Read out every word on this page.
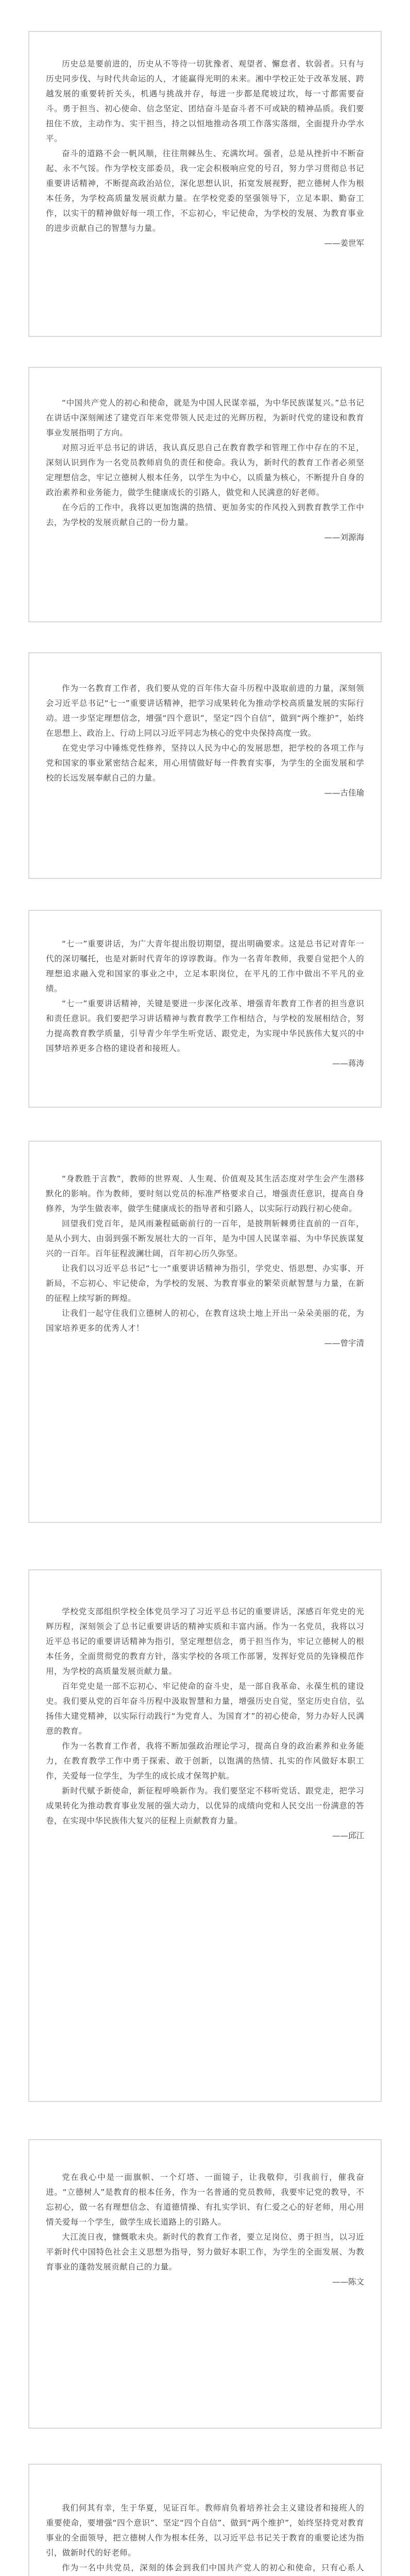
历史总是要前进的，历史从不等待一切犹豫者、观望者、懈怠者、软弱者。只有与历史同步伐、与时代共命运的人，才能赢得光明的未来。湘中学校正处于改革发展、跨越发展的重要转折关头，机遇与挑战并存，每进一步都是爬坡过坎，每一寸都需要奋斗。勇于担当、初心使命、信念坚定、团结奋斗是奋斗者不可或缺的精神品质。我们要扭住不放，主动作为、实干担当，持之以恒地推动各项工作落实落细，全面提升办学水平。

奋斗的道路不会一帆风顺，往往荆棘丛生、充满坎坷。强者，总是从挫折中不断奋起、永不气馁。作为学校支部委员，我一定会积极响应党的号召，努力学习贯彻总书记重要讲话精神，不断提高政治站位，深化思想认识，拓宽发展视野，把立德树人作为根本任务，为学校高质量发展贡献力量。在学校党委的坚强领导下，立足本职、勤奋工作，以实干的精神做好每一项工作，不忘初心，牢记使命，为学校的发展、为教育事业的进步贡献自己的智慧与力量。

——姜世军

“中国共产党人的初心和使命，就是为中国人民谋幸福，为中华民族谋复兴。”总书记在讲话中深刻阐述了建党百年来党带领人民走过的光辉历程，为新时代党的建设和教育事业发展指明了方向。

对照习近平总书记的讲话，我认真反思自己在教育教学和管理工作中存在的不足，深刻认识到作为一名党员教师肩负的责任和使命。我认为，新时代的教育工作者必须坚定理想信念，牢记立德树人根本任务，以学生为中心，以质量为核心，不断提升自身的政治素养和业务能力，做学生健康成长的引路人，做党和人民满意的好老师。

在今后的工作中，我将以更加饱满的热情、更加务实的作风投入到教育教学工作中去，为学校的发展贡献自己的一份力量。

——刘源海

作为一名教育工作者，我们要从党的百年伟大奋斗历程中汲取前进的力量，深刻领会习近平总书记“七一”重要讲话精神，把学习成果转化为推动学校高质量发展的实际行动。进一步坚定理想信念，增强“四个意识”，坚定“四个自信”，做到“两个维护”，始终在思想上、政治上、行动上同以习近平同志为核心的党中央保持高度一致。

在党史学习中锤炼党性修养，坚持以人民为中心的发展思想，把学校的各项工作与党和国家的事业紧密结合起来，用心用情做好每一件教育实事，为学生的全面发展和学校的长远发展奉献自己的力量。

——古佳瑜

“七一”重要讲话，为广大青年提出殷切期望，提出明确要求。这是总书记对青年一代的深切嘱托，也是对新时代青年的谆谆教诲。作为一名青年教师，我要自觉把个人的理想追求融入党和国家的事业之中，立足本职岗位，在平凡的工作中做出不平凡的业绩。

“七一”重要讲话精神，关键是要进一步深化改革、增强青年教育工作者的担当意识和责任意识。我们要把学习讲话精神与教育教学工作相结合，与学校的发展相结合，努力提高教育教学质量，引导青少年学生听党话、跟党走，为实现中华民族伟大复兴的中国梦培养更多合格的建设者和接班人。

——蒋涛

“身教胜于言教”，教师的世界观、人生观、价值观及其生活态度对学生会产生潜移默化的影响。作为教师，要时刻以党员的标准严格要求自己，增强责任意识，提高自身修养，为学生做表率，做学生健康成长的指导者和引路人，以实际行动践行初心使命。

回望我们党百年，是风雨兼程砥砺前行的一百年，是披荆斩棘勇往直前的一百年，是从小到大、由弱到强不断发展壮大的一百年，是为中国人民谋幸福、为中华民族谋复兴的一百年。百年征程波澜壮阔，百年初心历久弥坚。

让我们以习近平总书记“七一”重要讲话精神为指引，学党史、悟思想、办实事、开新局，不忘初心、牢记使命，为学校的发展、为教育事业的繁荣贡献智慧与力量，在新的征程上续写新的辉煌。

让我们一起守住我们立德树人的初心，在教育这块土地上开出一朵朵美丽的花，为国家培养更多的优秀人才！

——曾宇清

学校党支部组织学校全体党员学习了习近平总书记的重要讲话，深感百年党史的光辉历程，深刻领会了总书记重要讲话的精神实质和丰富内涵。作为一名党员，我将以习近平总书记的重要讲话精神为指引，坚定理想信念，勇于担当作为，牢记立德树人的根本任务，全面贯彻党的教育方针，落实学校的各项工作部署，发挥好党员的先锋模范作用，为学校的高质量发展贡献力量。

百年党史是一部不忘初心、牢记使命的奋斗史，是一部自我革命、永葆生机的建设史。我们要从党的百年奋斗历程中汲取智慧和力量，增强历史自觉，坚定历史自信，弘扬伟大建党精神，以实际行动践行“为党育人、为国育才”的初心使命，努力办好人民满意的教育。

作为一名教育工作者，我将不断加强政治理论学习，提高自身的政治素养和业务能力，在教育教学工作中勇于探索、敢于创新，以饱满的热情、扎实的作风做好本职工作，关爱每一位学生，为学生的成长成才保驾护航。

新时代赋予新使命，新征程呼唤新作为。我们要坚定不移听党话、跟党走，把学习成果转化为推动教育事业发展的强大动力，以优异的成绩向党和人民交出一份满意的答卷，在实现中华民族伟大复兴的征程上贡献教育力量。

——邱江

党在我心中是一面旗帜、一个灯塔、一面镜子，让我敬仰，引我前行，催我奋进。“立德树人”是教育的根本任务，作为一名普通的党员教师，我要牢记党的教导，不忘初心，做一名有理想信念、有道德情操、有扎实学识、有仁爱之心的好老师，用心用情关爱每一个学生，做学生成长道路上的引路人。

大江流日夜，慷慨歌未央。新时代的教育工作者，要立足岗位、勇于担当，以习近平新时代中国特色社会主义思想为指导，努力做好本职工作，为学生的全面发展、为教育事业的蓬勃发展贡献自己的力量。

——陈文

我们何其有幸，生于华夏，见证百年。教师肩负着培养社会主义建设者和接班人的重要使命，要增强“四个意识”、坚定“四个自信”、做到“两个维护”，始终坚持党对教育事业的全面领导，把立德树人作为根本任务，以习近平总书记关于教育的重要论述为指引，做新时代的好老师。

作为一名中共党员，深刻的体会到我们中国共产党人的初心和使命，只有心系人
